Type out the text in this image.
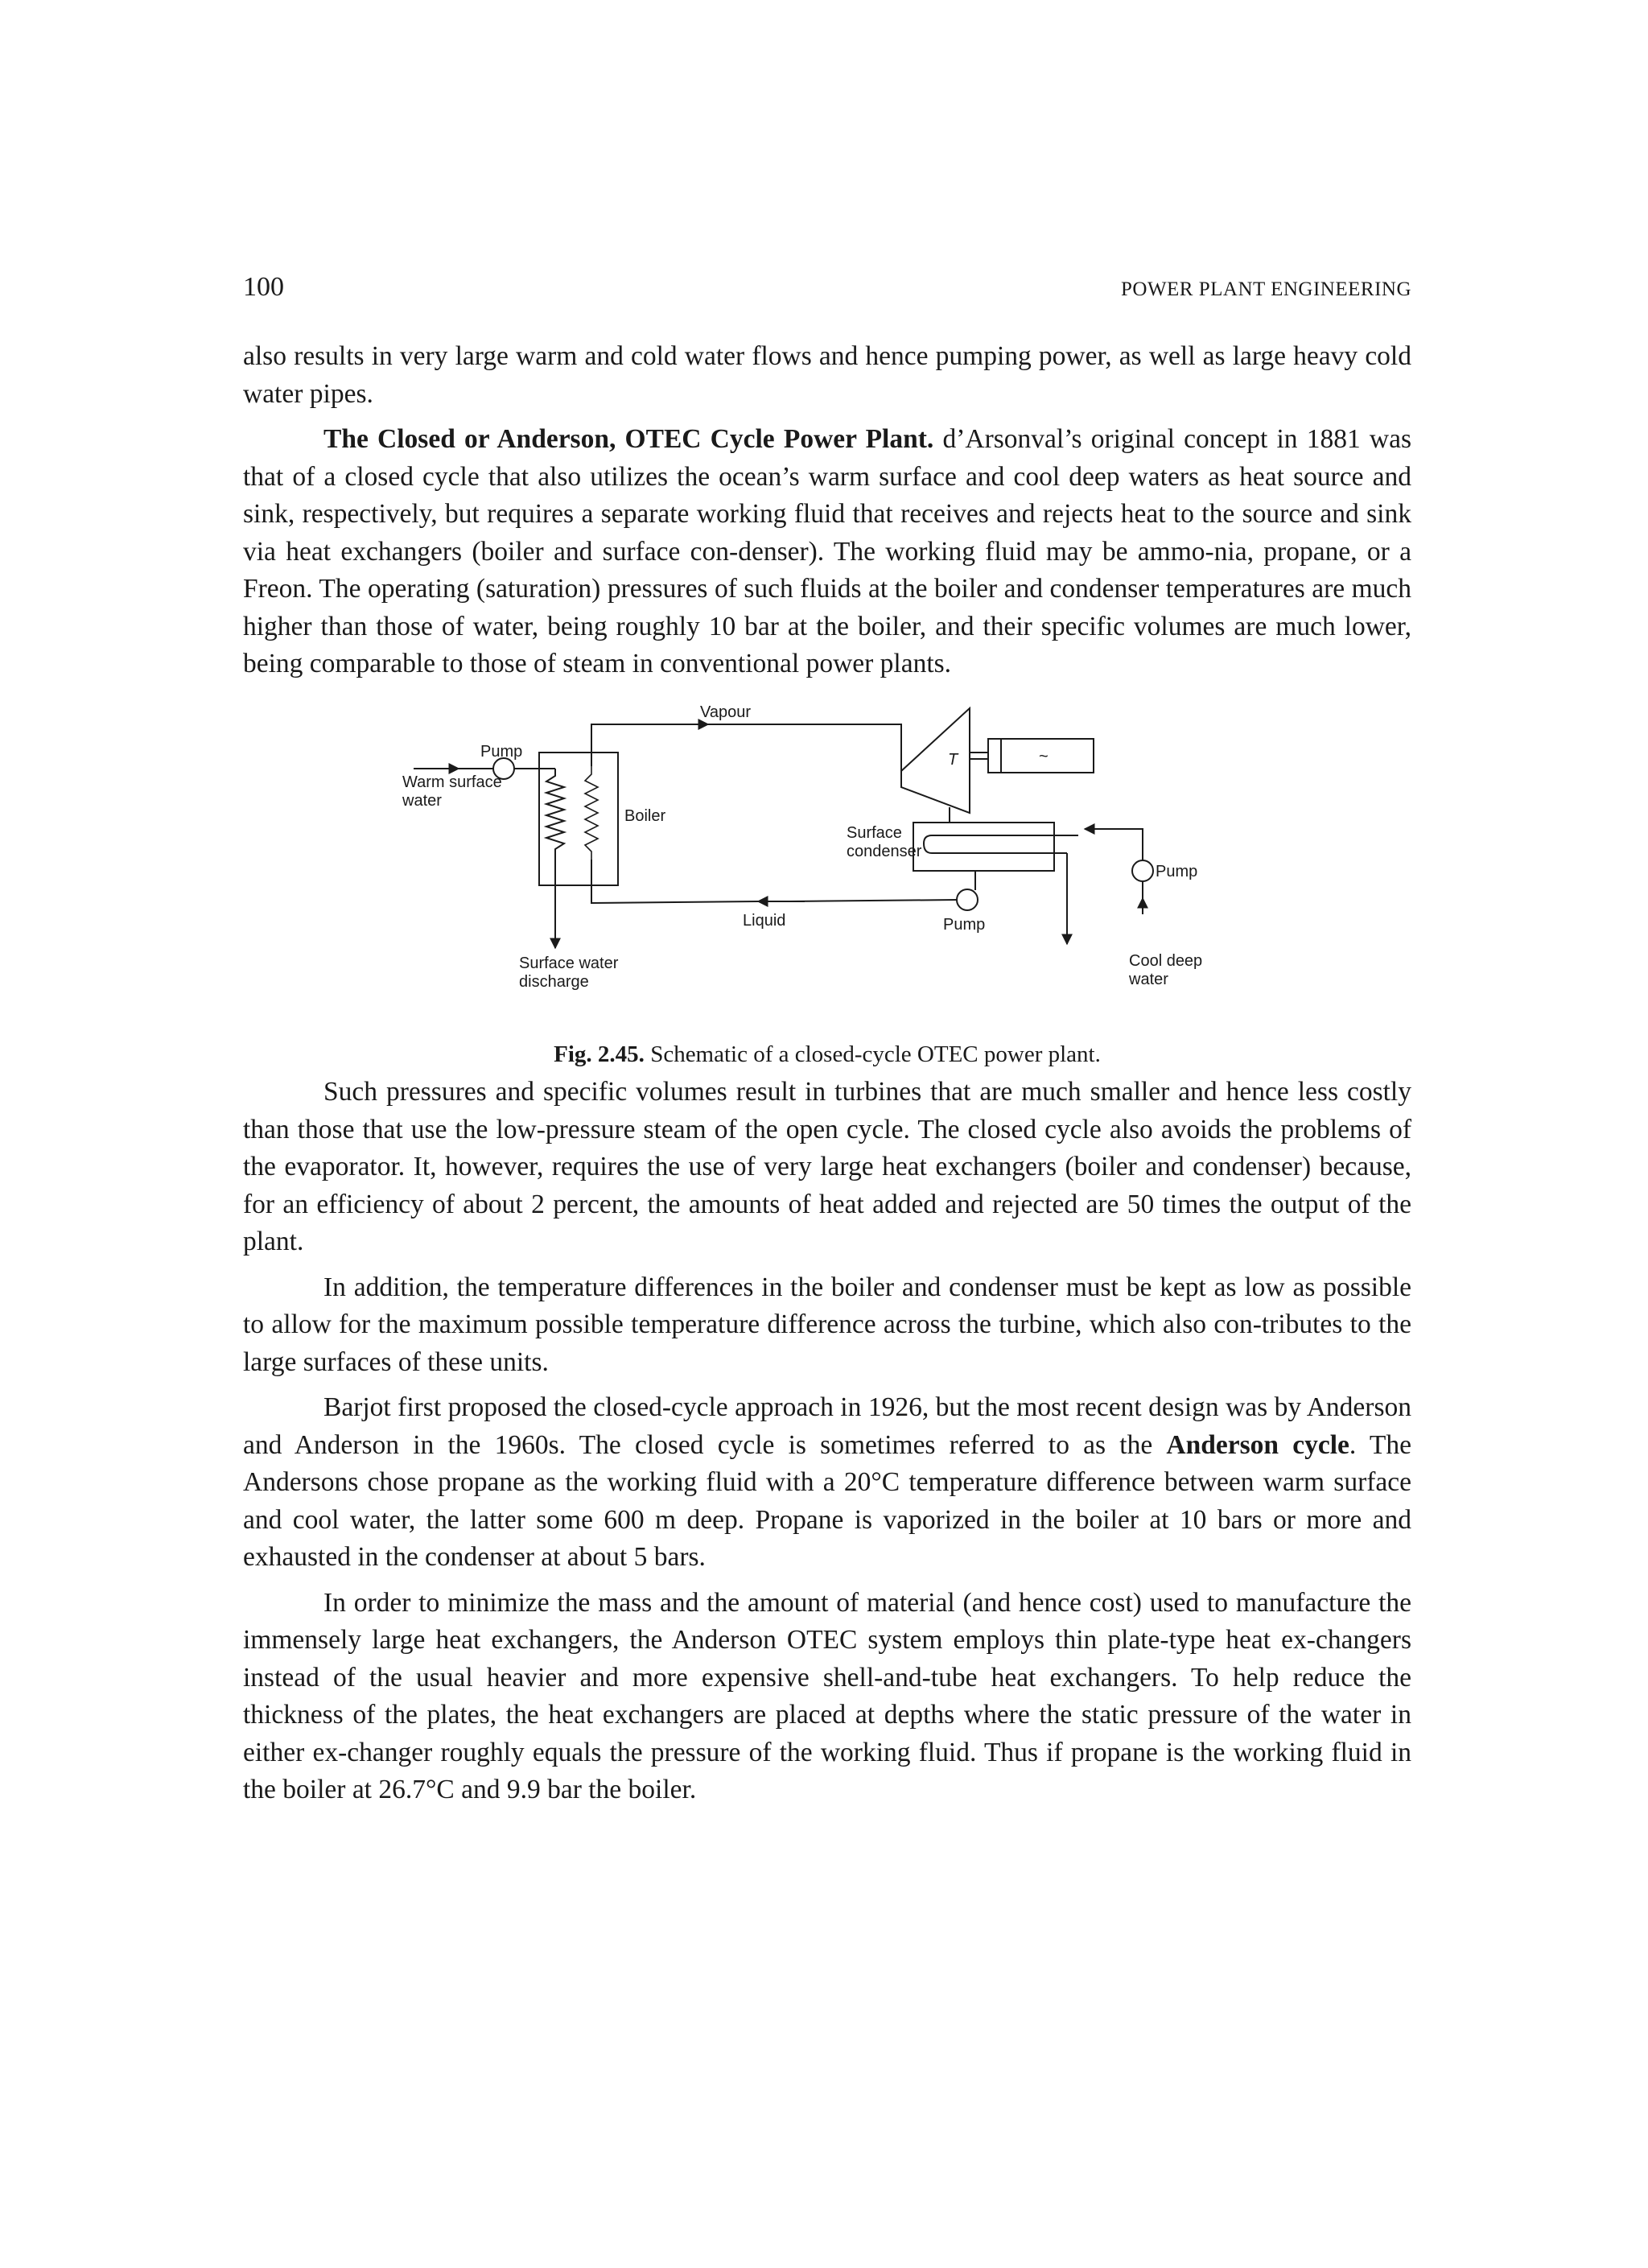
100	POWER PLANT ENGINEERING

also results in very large warm and cold water flows and hence pumping power, as well as large heavy cold water pipes.

The Closed or Anderson, OTEC Cycle Power Plant. d’Arsonval’s original concept in 1881 was that of a closed cycle that also utilizes the ocean’s warm surface and cool deep waters as heat source and sink, respectively, but requires a separate working fluid that receives and rejects heat to the source and sink via heat exchangers (boiler and surface con-denser). The working fluid may be ammo-nia, propane, or a Freon. The operating (saturation) pressures of such fluids at the boiler and condenser temperatures are much higher than those of water, being roughly 10 bar at the boiler, and their specific volumes are much lower, being comparable to those of steam in conventional power plants.

Vapour
Pump
Warm surface
water
Boiler
T	~
Surface
condenser
Pump
Liquid	Pump
Surface water
discharge
Cool deep
water
Fig. 2.45. Schematic of a closed-cycle OTEC power plant.

Such pressures and specific volumes result in turbines that are much smaller and hence less costly than those that use the low-pressure steam of the open cycle. The closed cycle also avoids the problems of the evaporator. It, however, requires the use of very large heat exchangers (boiler and condenser) because, for an efficiency of about 2 percent, the amounts of heat added and rejected are 50 times the output of the plant.

In addition, the temperature differences in the boiler and condenser must be kept as low as possible to allow for the maximum possible temperature difference across the turbine, which also con-tributes to the large surfaces of these units.

Barjot first proposed the closed-cycle approach in 1926, but the most recent design was by Anderson and Anderson in the 1960s. The closed cycle is sometimes referred to as the Anderson cycle. The Andersons chose propane as the working fluid with a 20°C temperature difference between warm surface and cool water, the latter some 600 m deep. Propane is vaporized in the boiler at 10 bars or more and exhausted in the condenser at about 5 bars.

In order to minimize the mass and the amount of material (and hence cost) used to manufacture the immensely large heat exchangers, the Anderson OTEC system employs thin plate-type heat ex-changers instead of the usual heavier and more expensive shell-and-tube heat exchangers. To help reduce the thickness of the plates, the heat exchangers are placed at depths where the static pressure of the water in either ex-changer roughly equals the pressure of the working fluid. Thus if propane is the working fluid in the boiler at 26.7°C and 9.9 bar the boiler.
